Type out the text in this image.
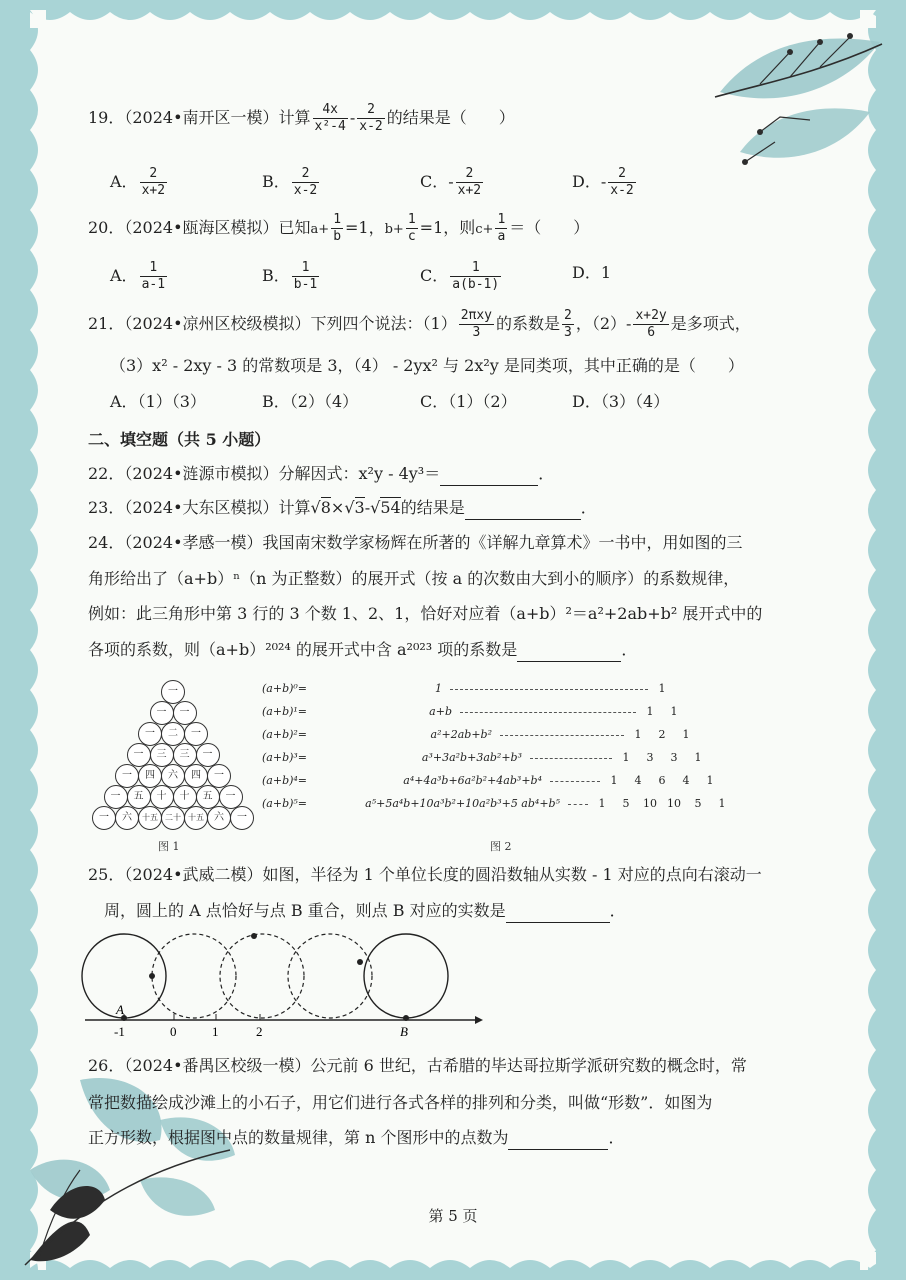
19．（2024•南开区一模）计算 $\frac{4x}{\text{x²-4}} - \frac{2}{x-2}$ 的结果是（　　）
A． $\frac{2}{x+2}$	B． $\frac{2}{x-2}$	C．- $\frac{2}{x+2}$	D．- $\frac{2}{x-2}$
20．（2024•瓯海区模拟）已知$a+ \frac{1}{b} =1$，$b+ \frac{1}{c} =1$，则$c+ \frac{1}{a}$ ＝（　　）
A． $\frac{1}{a-1}$	B． $\frac{1}{b-1}$	C． $\frac{1}{a(b-1)}$	D．1
21．（2024•凉州区校级模拟）下列四个说法：$(1) \frac{\text{2πxy}}{3}$ 的系数是 $\frac{2}{3}$ ，$(2)- \frac{x+2y}{6}$ 是多项式，
（3）x² - 2xy - 3 的常数项是 3，（4） - 2yx² 与 2x²y 是同类项，其中正确的是（　　）
A．（1）（3）	B．（2）（4）	C．（1）（2）	D．（3）（4）
二、填空题（共 5 小题）
22．（2024•涟源市模拟）分解因式：x²y - 4y³＝	．
23．（2024•大东区模拟）计算√8×√3-√54的结果是	．
24．（2024•孝感一模）我国南宋数学家杨辉在所著的《详解九章算术》一书中，用如图的三
角形给出了（a+b）ⁿ（n 为正整数）的展开式（按 a 的次数由大到小的顺序）的系数规律，
例如：此三角形中第 3 行的 3 个数 1、2、1，恰好对应着（a+b）²＝a²+2ab+b² 展开式中的
各项的系数，则（a+b）²⁰²⁴ 的展开式中含 a²⁰²³ 项的系数是	．
一
一	一
一	二	一
一	三	三	一
一	四	六	四	一
一	五	十	十	五	一
一	六	十五 二十 十五	六	一
图 1
(a+b)⁰=	1	1
(a+b)¹=	a+b	1	1
(a+b)²=	a²+2ab+b²	1	2	1
(a+b)³=	a³+3a²b+3ab²+b³	1	3	3	1
(a+b)⁴=	a⁴+4a³b+6a²b²+4ab³+b⁴	1	4	6	4	1
(a+b)⁵=	a⁵+5a⁴b+10a³b²+10a²b³+5 ab⁴+b⁵	1	5	10 10	5	1
图 2
25．（2024•武威二模）如图，半径为 1 个单位长度的圆沿数轴从实数 - 1 对应的点向右滚动一
周，圆上的 A 点恰好与点 B 重合，则点 B 对应的实数是	．
A
B
-1	0	1	2
26．（2024•番禺区校级一模）公元前 6 世纪，古希腊的毕达哥拉斯学派研究数的概念时，常
常把数描绘成沙滩上的小石子，用它们进行各式各样的排列和分类，叫做“形数”．如图为
正方形数，根据图中点的数量规律，第 n 个图形中的点数为	．
第 5 页
